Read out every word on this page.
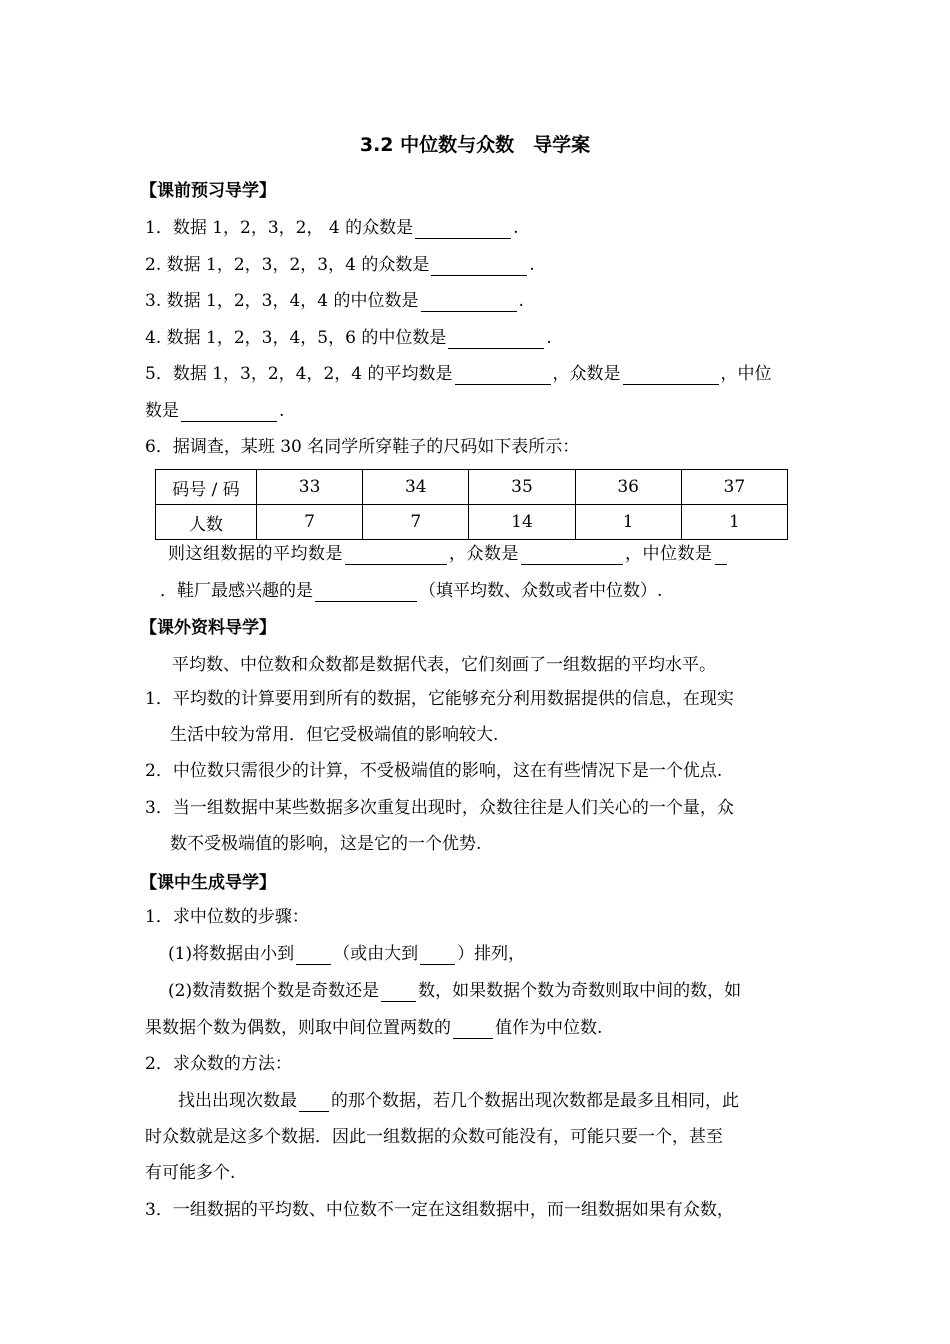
3.2 中位数与众数　导学案
【课前预习导学】
1．数据 1，2，3，2， 4 的众数是	.
2. 数据 1，2，3，2，3，4 的众数是	.
3. 数据 1，2，3，4，4 的中位数是	.
4. 数据 1，2，3，4，5，6 的中位数是	.
5．数据 1，3，2，4，2，4 的平均数是	，众数是	，中位
数是	.
6．据调查，某班 30 名同学所穿鞋子的尺码如下表所示：
码号 / 码	33	34	35	36	37
人数	7	7	14	1	1
则这组数据的平均数是	，众数是	，中位数是
．鞋厂最感兴趣的是	（填平均数、众数或者中位数）.
【课外资料导学】
平均数、中位数和众数都是数据代表，它们刻画了一组数据的平均水平。
1．平均数的计算要用到所有的数据，它能够充分利用数据提供的信息，在现实
生活中较为常用．但它受极端值的影响较大.
2．中位数只需很少的计算，不受极端值的影响，这在有些情况下是一个优点.
3．当一组数据中某些数据多次重复出现时，众数往往是人们关心的一个量，众
数不受极端值的影响，这是它的一个优势.
【课中生成导学】
1．求中位数的步骤：
(1)将数据由小到 （或由大到 ）排列，
(2)数清数据个数是奇数还是 数，如果数据个数为奇数则取中间的数，如
果数据个数为偶数，则取中间位置两数的	值作为中位数.
2．求众数的方法：
找出出现次数最 的那个数据，若几个数据出现次数都是最多且相同，此
时众数就是这多个数据．因此一组数据的众数可能没有，可能只要一个，甚至
有可能多个.
3．一组数据的平均数、中位数不一定在这组数据中，而一组数据如果有众数，
